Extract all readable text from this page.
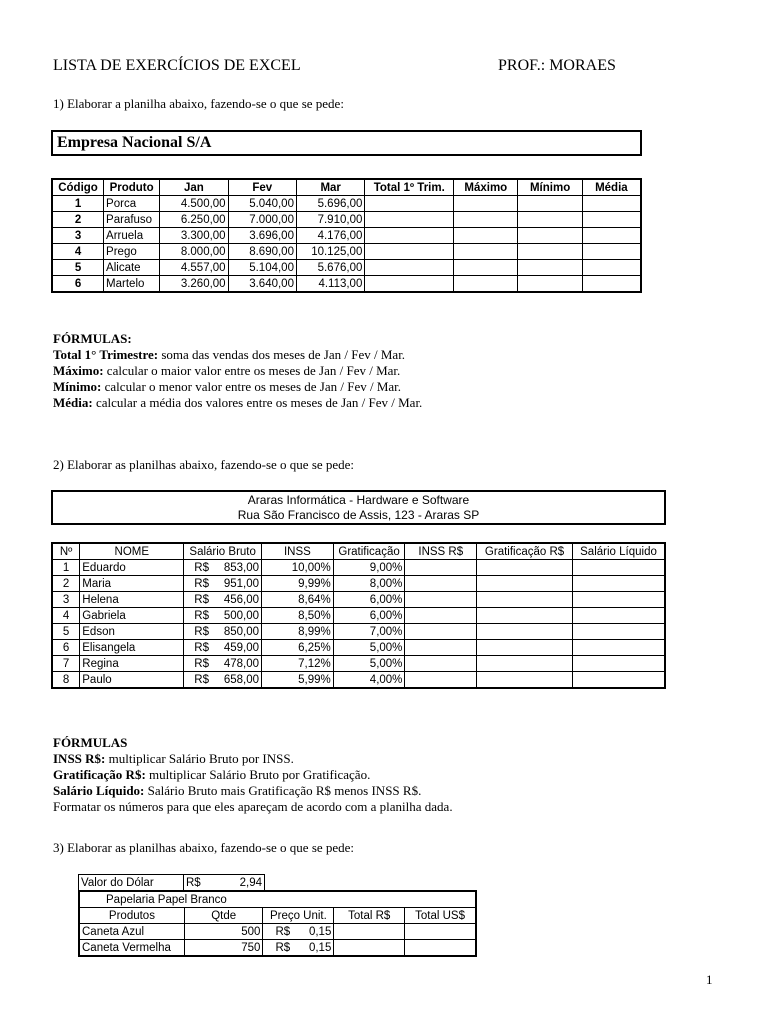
LISTA DE EXERCÍCIOS DE EXCEL	PROF.: MORAES
1) Elaborar a planilha abaixo, fazendo-se o que se pede:
Empresa Nacional S/A
Código	Produto	Jan	Fev	Mar	Total 1º Trim.	Máximo	Mínimo	Média
1	Porca	4.500,00	5.040,00	5.696,00				
2	Parafuso	6.250,00	7.000,00	7.910,00				
3	Arruela	3.300,00	3.696,00	4.176,00				
4	Prego	8.000,00	8.690,00	10.125,00				
5	Alicate	4.557,00	5.104,00	5.676,00				
6	Martelo	3.260,00	3.640,00	4.113,00				
FÓRMULAS:
Total 1° Trimestre: soma das vendas dos meses de Jan / Fev / Mar.
Máximo: calcular o maior valor entre os meses de Jan / Fev / Mar.
Mínimo: calcular o menor valor entre os meses de Jan / Fev / Mar.
Média: calcular a média dos valores entre os meses de Jan / Fev / Mar.
2) Elaborar as planilhas abaixo, fazendo-se o que se pede:
Araras Informática - Hardware e Software
Rua São Francisco de Assis, 123 - Araras SP
Nº	NOME	Salário Bruto	INSS	Gratificação	INSS R$	Gratificação R$	Salário Líquido
1	Eduardo	R$ 853,00	10,00%	9,00%			
2	Maria	R$ 951,00	9,99%	8,00%			
3	Helena	R$ 456,00	8,64%	6,00%			
4	Gabriela	R$ 500,00	8,50%	6,00%			
5	Edson	R$ 850,00	8,99%	7,00%			
6	Elisangela	R$ 459,00	6,25%	5,00%			
7	Regina	R$ 478,00	7,12%	5,00%			
8	Paulo	R$ 658,00	5,99%	4,00%			
FÓRMULAS
INSS R$: multiplicar Salário Bruto por INSS.
Gratificação R$: multiplicar Salário Bruto por Gratificação.
Salário Líquido: Salário Bruto mais Gratificação R$ menos INSS R$.
Formatar os números para que eles apareçam de acordo com a planilha dada.
3) Elaborar as planilhas abaixo, fazendo-se o que se pede:
Valor do Dólar	R$	2,94
Papelaria Papel Branco				
Produtos	Qtde	Preço Unit.	Total R$	Total US$
Caneta Azul	500	R$ 0,15		

Caneta Vermelha	750	R$ 0,15		

1
